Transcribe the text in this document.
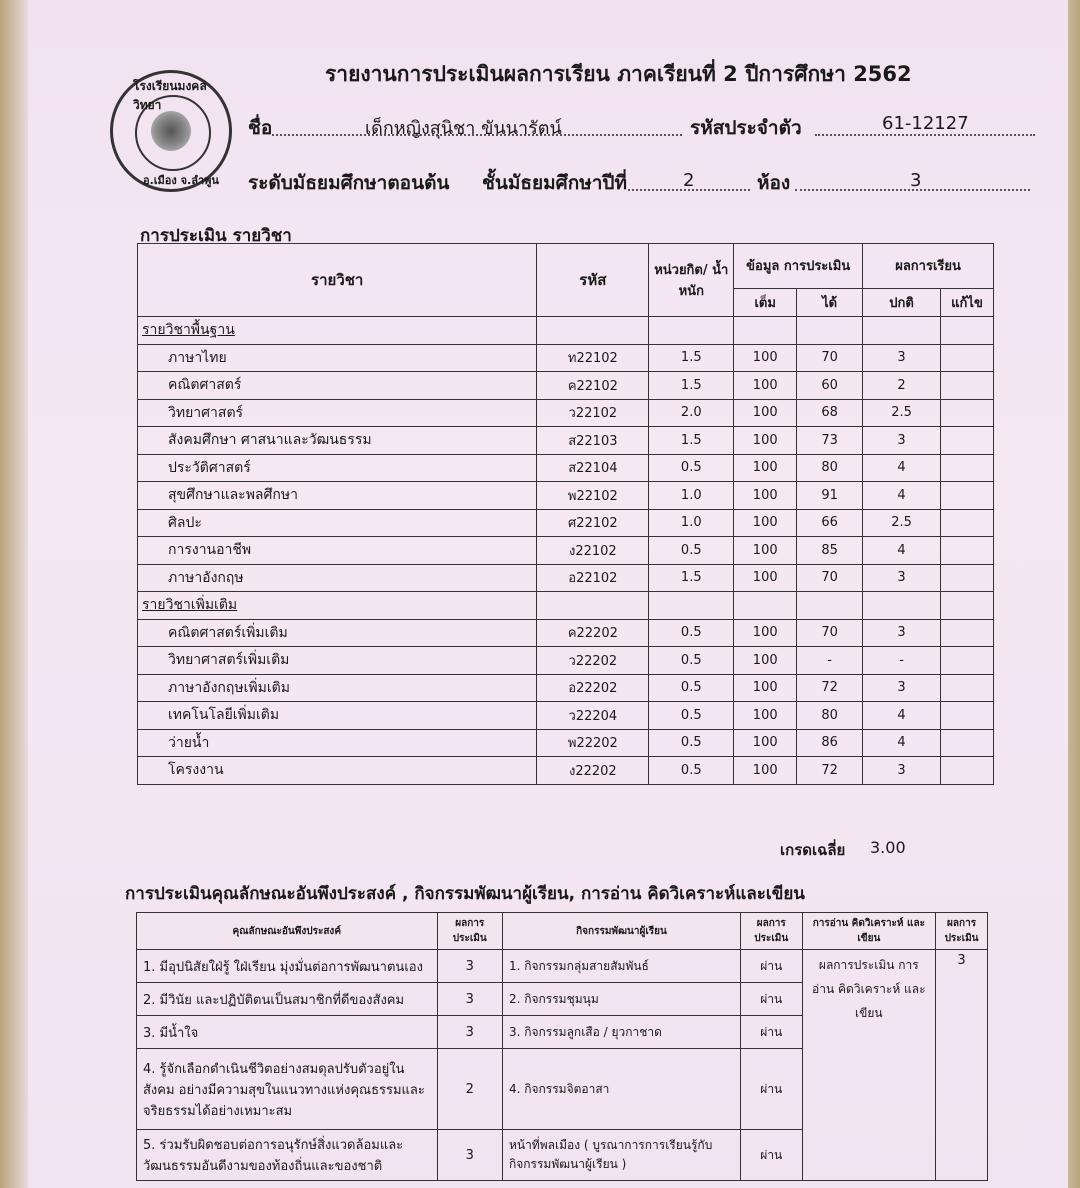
โรงเรียนมงคลวิทยา
อ.เมือง จ.ลำพูน
รายงานการประเมินผลการเรียน ภาคเรียนที่ 2 ปีการศึกษา 2562
ชื่อ	เด็กหญิงสุนิชา ขันนารัตน์	รหัสประจำตัว	61-12127
ระดับมัธยมศึกษาตอนต้น ชั้นมัธยมศึกษาปีที่	2	ห้อง	3
การประเมิน รายวิชา
รายวิชา	รหัส	หน่วยกิต/ น้ำหนัก	ข้อมูล การประเมิน		ผลการเรียน	
			เต็ม	ได้	ปกติ	แก้ไข
รายวิชาพื้นฐาน						
ภาษาไทย	ท22102	1.5	100	70	3	
คณิตศาสตร์	ค22102	1.5	100	60	2	
วิทยาศาสตร์	ว22102	2.0	100	68	2.5	
สังคมศึกษา ศาสนาและวัฒนธรรม	ส22103	1.5	100	73	3	
ประวัติศาสตร์	ส22104	0.5	100	80	4	
สุขศึกษาและพลศึกษา	พ22102	1.0	100	91	4	
ศิลปะ	ศ22102	1.0	100	66	2.5	
การงานอาชีพ	ง22102	0.5	100	85	4	
ภาษาอังกฤษ	อ22102	1.5	100	70	3	
รายวิชาเพิ่มเติม						
คณิตศาสตร์เพิ่มเติม	ค22202	0.5	100	70	3	
วิทยาศาสตร์เพิ่มเติม	ว22202	0.5	100	-	-	
ภาษาอังกฤษเพิ่มเติม	อ22202	0.5	100	72	3	
เทคโนโลยีเพิ่มเติม	ว22204	0.5	100	80	4	
ว่ายน้ำ	พ22202	0.5	100	86	4	
โครงงาน	ง22202	0.5	100	72	3	
เกรดเฉลี่ย 3.00
การประเมินคุณลักษณะอันพึงประสงค์ , กิจกรรมพัฒนาผู้เรียน, การอ่าน คิดวิเคราะห์และเขียน
คุณลักษณะอันพึงประสงค์	ผลการ ประเมิน	กิจกรรมพัฒนาผู้เรียน	ผลการ ประเมิน	การอ่าน คิดวิเคราะห์ และเขียน	ผลการ ประเมิน
1. มีอุปนิสัยใฝ่รู้ ใฝ่เรียน มุ่งมั่นต่อการพัฒนาตนเอง	3	1. กิจกรรมกลุ่มสายสัมพันธ์	ผ่าน	ผลการประเมิน การอ่าน คิดวิเคราะห์ และเขียน	3
2. มีวินัย และปฏิบัติตนเป็นสมาชิกที่ดีของสังคม	3	2. กิจกรรมชุมนุม	ผ่าน		
3. มีน้ำใจ	3	3. กิจกรรมลูกเสือ / ยุวกาชาด	ผ่าน		
4. รู้จักเลือกดำเนินชีวิตอย่างสมดุลปรับตัวอยู่ในสังคม อย่างมีความสุขในแนวทางแห่งคุณธรรมและ จริยธรรมได้อย่างเหมาะสม	2	4. กิจกรรมจิตอาสา	ผ่าน		
5. ร่วมรับผิดชอบต่อการอนุรักษ์สิ่งแวดล้อมและ วัฒนธรรมอันดีงามของท้องถิ่นและของชาติ	3	หน้าที่พลเมือง ( บูรณาการการเรียนรู้กับ กิจกรรมพัฒนาผู้เรียน )	ผ่าน		
